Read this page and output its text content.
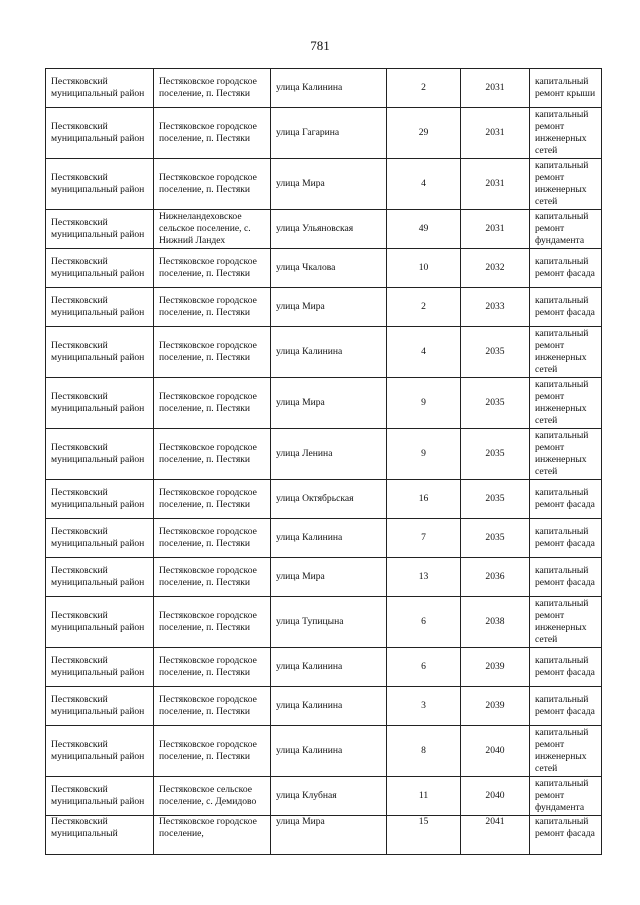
781
Пестяковский муниципальный район	Пестяковское городское поселение, п. Пестяки	улица Калинина	2	2031	капитальный ремонт крыши
Пестяковский муниципальный район	Пестяковское городское поселение, п. Пестяки	улица Гагарина	29	2031	капитальный ремонт инженерных сетей
Пестяковский муниципальный район	Пестяковское городское поселение, п. Пестяки	улица Мира	4	2031	капитальный ремонт инженерных сетей
Пестяковский муниципальный район	Нижнеландеховское сельское поселение, с. Нижний Ландех	улица Ульяновская	49	2031	капитальный ремонт фундамента
Пестяковский муниципальный район	Пестяковское городское поселение, п. Пестяки	улица Чкалова	10	2032	капитальный ремонт фасада
Пестяковский муниципальный район	Пестяковское городское поселение, п. Пестяки	улица Мира	2	2033	капитальный ремонт фасада
Пестяковский муниципальный район	Пестяковское городское поселение, п. Пестяки	улица Калинина	4	2035	капитальный ремонт инженерных сетей
Пестяковский муниципальный район	Пестяковское городское поселение, п. Пестяки	улица Мира	9	2035	капитальный ремонт инженерных сетей
Пестяковский муниципальный район	Пестяковское городское поселение, п. Пестяки	улица Ленина	9	2035	капитальный ремонт инженерных сетей
Пестяковский муниципальный район	Пестяковское городское поселение, п. Пестяки	улица Октябрьская	16	2035	капитальный ремонт фасада
Пестяковский муниципальный район	Пестяковское городское поселение, п. Пестяки	улица Калинина	7	2035	капитальный ремонт фасада
Пестяковский муниципальный район	Пестяковское городское поселение, п. Пестяки	улица Мира	13	2036	капитальный ремонт фасада
Пестяковский муниципальный район	Пестяковское городское поселение, п. Пестяки	улица Тупицына	6	2038	капитальный ремонт инженерных сетей
Пестяковский муниципальный район	Пестяковское городское поселение, п. Пестяки	улица Калинина	6	2039	капитальный ремонт фасада
Пестяковский муниципальный район	Пестяковское городское поселение, п. Пестяки	улица Калинина	3	2039	капитальный ремонт фасада
Пестяковский муниципальный район	Пестяковское городское поселение, п. Пестяки	улица Калинина	8	2040	капитальный ремонт инженерных сетей
Пестяковский муниципальный район	Пестяковское сельское поселение, с. Демидово	улица Клубная	11	2040	капитальный ремонт фундамента
Пестяковский муниципальный	Пестяковское городское поселение,	улица Мира	15	2041	капитальный ремонт фасада
